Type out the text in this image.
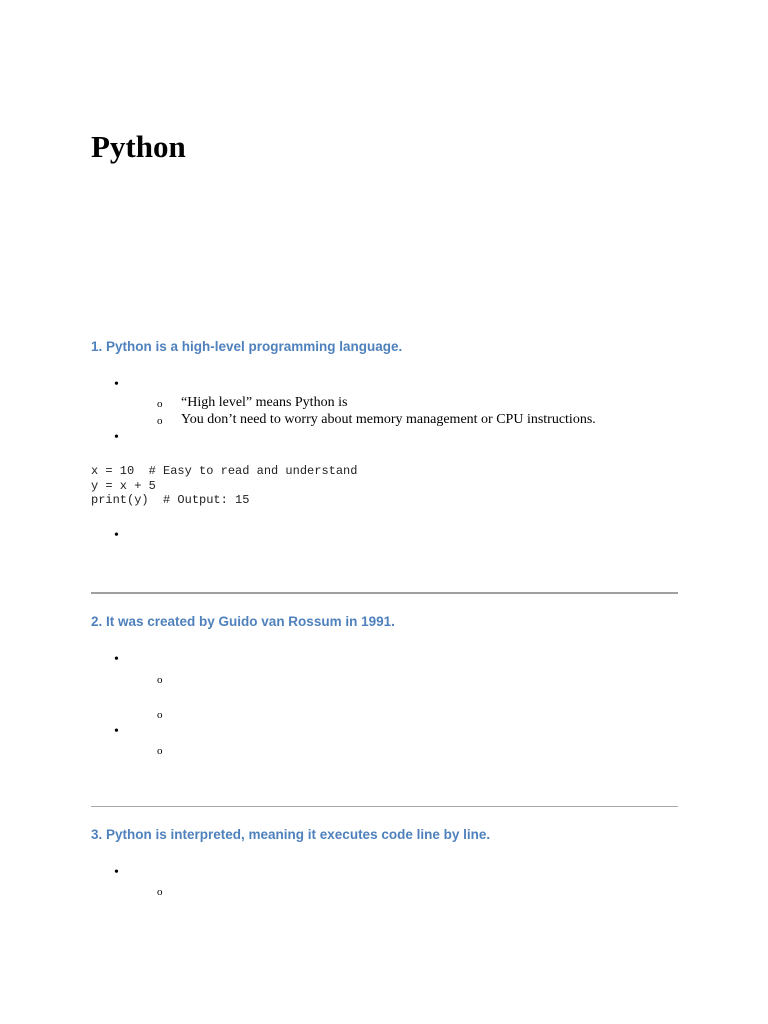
Python
1. Python is a high-level programming language.
•
o “High level” means Python is
o You don’t need to worry about memory management or CPU instructions.
•
x = 10  # Easy to read and understand
y = x + 5
print(y)  # Output: 15
•
2. It was created by Guido van Rossum in 1991.
•
o
o
•
o
3. Python is interpreted, meaning it executes code line by line.
•
o
